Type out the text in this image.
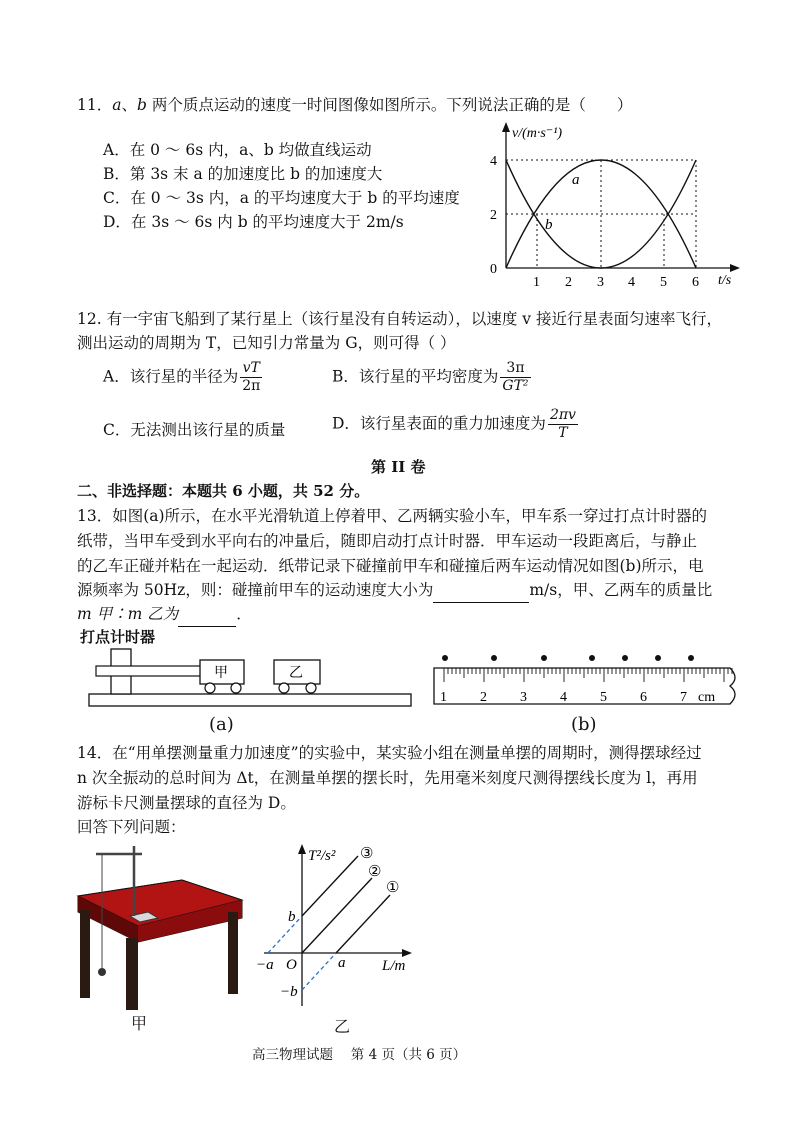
11．a、b 两个质点运动的速度一时间图像如图所示。下列说法正确的是（　　）
A．在 0 ～ 6s 内，a、b 均做直线运动
B．第 3s 末 a 的加速度比 b 的加速度大
C．在 0 ～ 3s 内，a 的平均速度大于 b 的平均速度
D．在 3s ～ 6s 内 b 的平均速度大于 2m/s
v/(m·s⁻¹)
t/s
0
2
4
1 2 3 4 5 6
a
b
12. 有一宇宙飞船到了某行星上（该行星没有自转运动），以速度 v 接近行星表面匀速率飞行，
测出运动的周期为 T，已知引力常量为 G，则可得（ ）
A．该行星的半径为 $\frac{vT}{2\pi}$	B．该行星的平均密度为 $\frac{3\pi}{\text{GT²}}$
C．无法测出该行星的质量	D．该行星表面的重力加速度为 $\frac{2\pi v}{T}$
第 II 卷
二、非选择题：本题共 6 小题，共 52 分。
13．如图(a)所示，在水平光滑轨道上停着甲、乙两辆实验小车，甲车系一穿过打点计时器的
纸带，当甲车受到水平向右的冲量后，随即启动打点计时器．甲车运动一段距离后，与静止
的乙车正碰并粘在一起运动．纸带记录下碰撞前甲车和碰撞后两车运动情况如图(b)所示，电
源频率为 50Hz，则：碰撞前甲车的运动速度大小为	m/s，甲、乙两车的质量比
m 甲∶m 乙为	．
打点计时器
甲	乙
(a)
1 2 3 4 5 6 7 cm
(b)
14．在“用单摆测量重力加速度”的实验中，某实验小组在测量单摆的周期时，测得摆球经过
n 次全振动的总时间为 Δt，在测量单摆的摆长时，先用毫米刻度尺测得摆线长度为 l，再用
游标卡尺测量摆球的直径为 D。
回答下列问题：
甲
T²/s²
L/m
O
b
−b
a
−a
③
②
①
乙
高三物理试题　 第 4 页（共 6 页）
